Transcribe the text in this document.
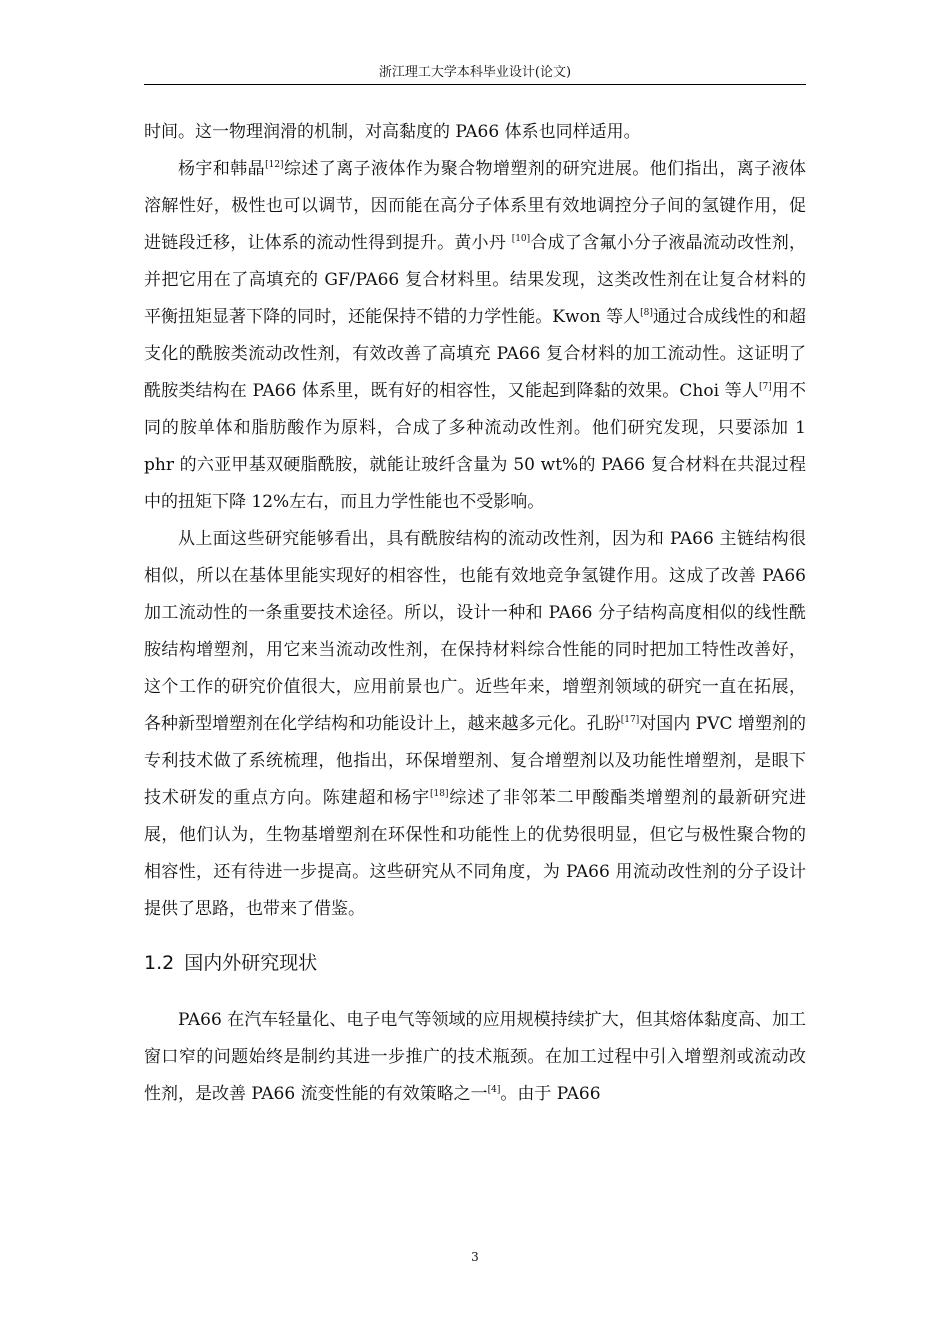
浙江理工大学本科毕业设计(论文)

时间。这一物理润滑的机制，对高黏度的 PA66 体系也同样适用。

杨宇和韩晶[12]综述了离子液体作为聚合物增塑剂的研究进展。他们指出，离子液体溶解性好，极性也可以调节，因而能在高分子体系里有效地调控分子间的氢键作用，促进链段迁移，让体系的流动性得到提升。黄小丹 [10]合成了含氟小分子液晶流动改性剂，并把它用在了高填充的 GF/PA66 复合材料里。结果发现，这类改性剂在让复合材料的平衡扭矩显著下降的同时，还能保持不错的力学性能。Kwon 等人[8]通过合成线性的和超支化的酰胺类流动改性剂，有效改善了高填充 PA66 复合材料的加工流动性。这证明了酰胺类结构在 PA66 体系里，既有好的相容性，又能起到降黏的效果。Choi 等人[7]用不同的胺单体和脂肪酸作为原料，合成了多种流动改性剂。他们研究发现，只要添加 1 phr 的六亚甲基双硬脂酰胺，就能让玻纤含量为 50 wt%的 PA66 复合材料在共混过程中的扭矩下降 12%左右，而且力学性能也不受影响。

从上面这些研究能够看出，具有酰胺结构的流动改性剂，因为和 PA66 主链结构很相似，所以在基体里能实现好的相容性，也能有效地竞争氢键作用。这成了改善 PA66 加工流动性的一条重要技术途径。所以，设计一种和 PA66 分子结构高度相似的线性酰胺结构增塑剂，用它来当流动改性剂，在保持材料综合性能的同时把加工特性改善好，这个工作的研究价值很大，应用前景也广。近些年来，增塑剂领域的研究一直在拓展，各种新型增塑剂在化学结构和功能设计上，越来越多元化。孔盼[17]对国内 PVC 增塑剂的专利技术做了系统梳理，他指出，环保增塑剂、复合增塑剂以及功能性增塑剂，是眼下技术研发的重点方向。陈建超和杨宇[18]综述了非邻苯二甲酸酯类增塑剂的最新研究进展，他们认为，生物基增塑剂在环保性和功能性上的优势很明显，但它与极性聚合物的相容性，还有待进一步提高。这些研究从不同角度，为 PA66 用流动改性剂的分子设计提供了思路，也带来了借鉴。

1.2 国内外研究现状

PA66 在汽车轻量化、电子电气等领域的应用规模持续扩大，但其熔体黏度高、加工窗口窄的问题始终是制约其进一步推广的技术瓶颈。在加工过程中引入增塑剂或流动改性剂，是改善 PA66 流变性能的有效策略之一[4]。由于 PA66

3
